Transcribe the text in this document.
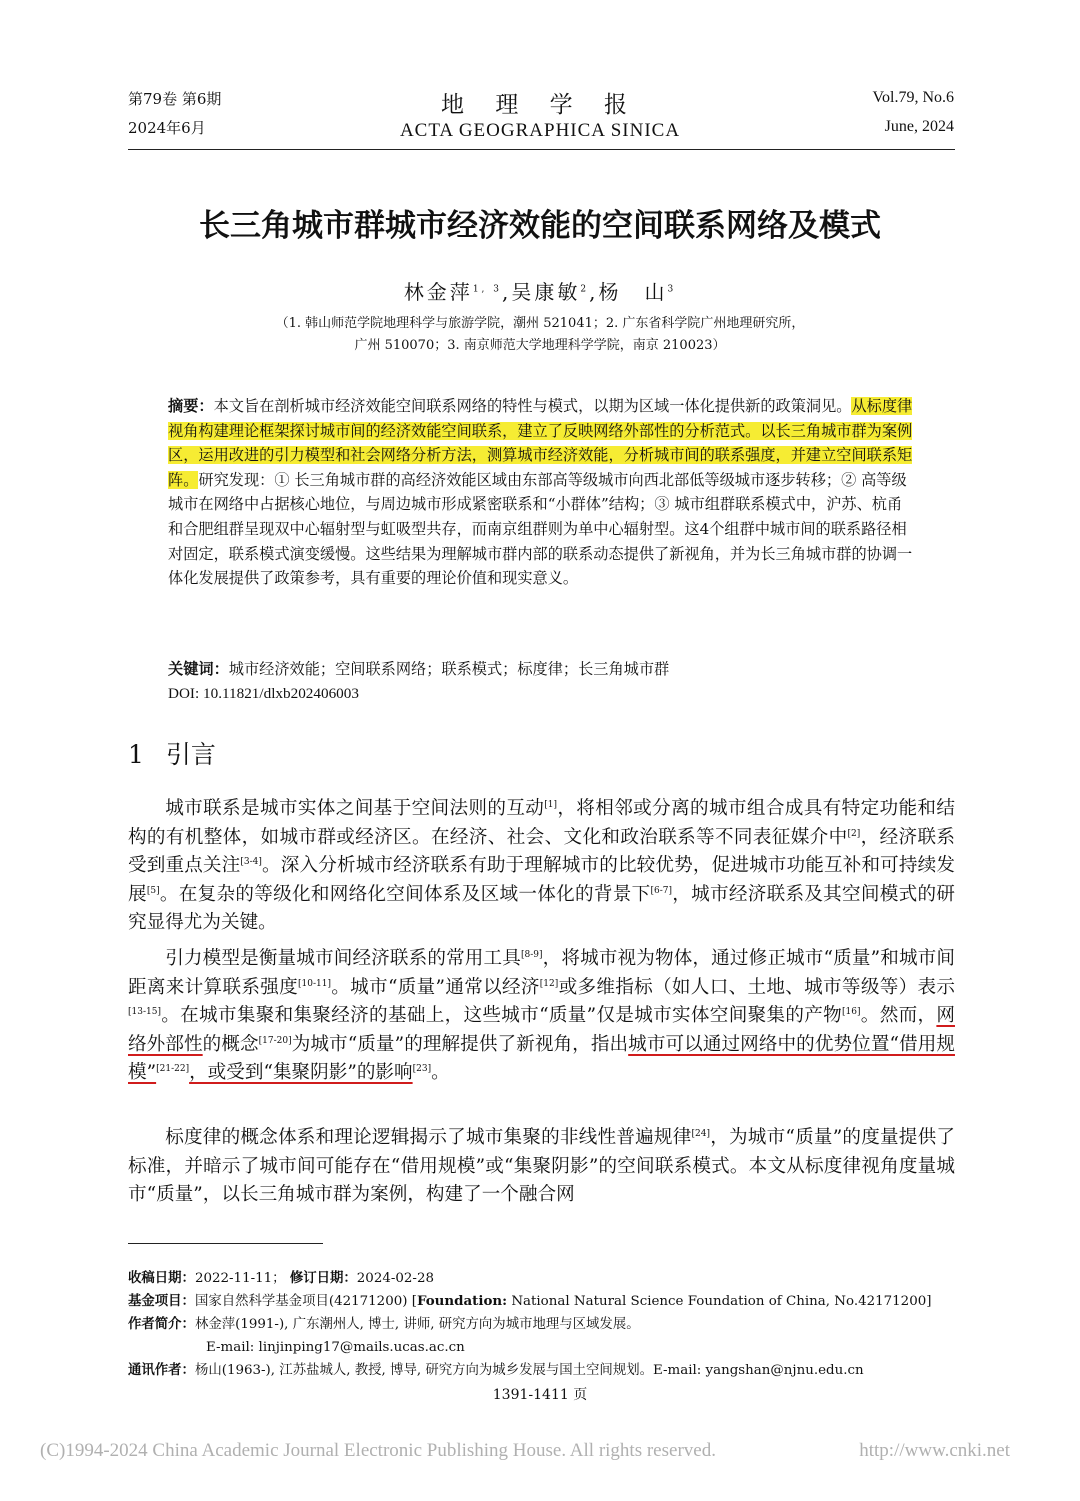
第79卷 第6期
2024年6月
地 理 学 报
ACTA GEOGRAPHICA SINICA
Vol.79, No.6
June, 2024
长三角城市群城市经济效能的空间联系网络及模式
林金萍$^{1, 3}$,吴康敏$^2$,杨　山$^3$
（1. 韩山师范学院地理科学与旅游学院，潮州 521041；2. 广东省科学院广州地理研究所，
广州 510070；3. 南京师范大学地理科学学院，南京 210023）
摘要：本文旨在剖析城市经济效能空间联系网络的特性与模式，以期为区域一体化提供新的政策洞见。从标度律视角构建理论框架探讨城市间的经济效能空间联系，建立了反映网络外部性的分析范式。以长三角城市群为案例区，运用改进的引力模型和社会网络分析方法，测算城市经济效能，分析城市间的联系强度，并建立空间联系矩阵。研究发现：① 长三角城市群的高经济效能区域由东部高等级城市向西北部低等级城市逐步转移；② 高等级城市在网络中占据核心地位，与周边城市形成紧密联系和“小群体”结构；③ 城市组群联系模式中，沪苏、杭甬和合肥组群呈现双中心辐射型与虹吸型共存，而南京组群则为单中心辐射型。这4个组群中城市间的联系路径相对固定，联系模式演变缓慢。这些结果为理解城市群内部的联系动态提供了新视角，并为长三角城市群的协调一体化发展提供了政策参考，具有重要的理论价值和现实意义。
关键词：城市经济效能；空间联系网络；联系模式；标度律；长三角城市群
DOI: 10.11821/dlxb202406003
1 引言
城市联系是城市实体之间基于空间法则的互动[1]，将相邻或分离的城市组合成具有特定功能和结构的有机整体，如城市群或经济区。在经济、社会、文化和政治联系等不同表征媒介中[2]，经济联系受到重点关注[3-4]。深入分析城市经济联系有助于理解城市的比较优势，促进城市功能互补和可持续发展[5]。在复杂的等级化和网络化空间体系及区域一体化的背景下[6-7]，城市经济联系及其空间模式的研究显得尤为关键。
引力模型是衡量城市间经济联系的常用工具[8-9]，将城市视为物体，通过修正城市“质量”和城市间距离来计算联系强度[10-11]。城市“质量”通常以经济[12]或多维指标（如人口、土地、城市等级等）表示[13-15]。在城市集聚和集聚经济的基础上，这些城市“质量”仅是城市实体空间聚集的产物[16]。然而，网络外部性的概念[17-20]为城市“质量”的理解提供了新视角，指出城市可以通过网络中的优势位置“借用规模”[21-22]，或受到“集聚阴影”的影响[23]。
标度律的概念体系和理论逻辑揭示了城市集聚的非线性普遍规律[24]，为城市“质量”的度量提供了标准，并暗示了城市间可能存在“借用规模”或“集聚阴影”的空间联系模式。本文从标度律视角度量城市“质量”，以长三角城市群为案例，构建了一个融合网
收稿日期：2022-11-11； 修订日期：2024-02-28
基金项目：国家自然科学基金项目(42171200) [Foundation: National Natural Science Foundation of China, No.42171200]
作者简介：林金萍(1991-), 广东潮州人, 博士, 讲师, 研究方向为城市地理与区域发展。
E-mail: linjinping17@mails.ucas.ac.cn
通讯作者：杨山(1963-), 江苏盐城人, 教授, 博导, 研究方向为城乡发展与国土空间规划。E-mail: yangshan@njnu.edu.cn
1391-1411 页
(C)1994-2024 China Academic Journal Electronic Publishing House. All rights reserved.	http://www.cnki.net
